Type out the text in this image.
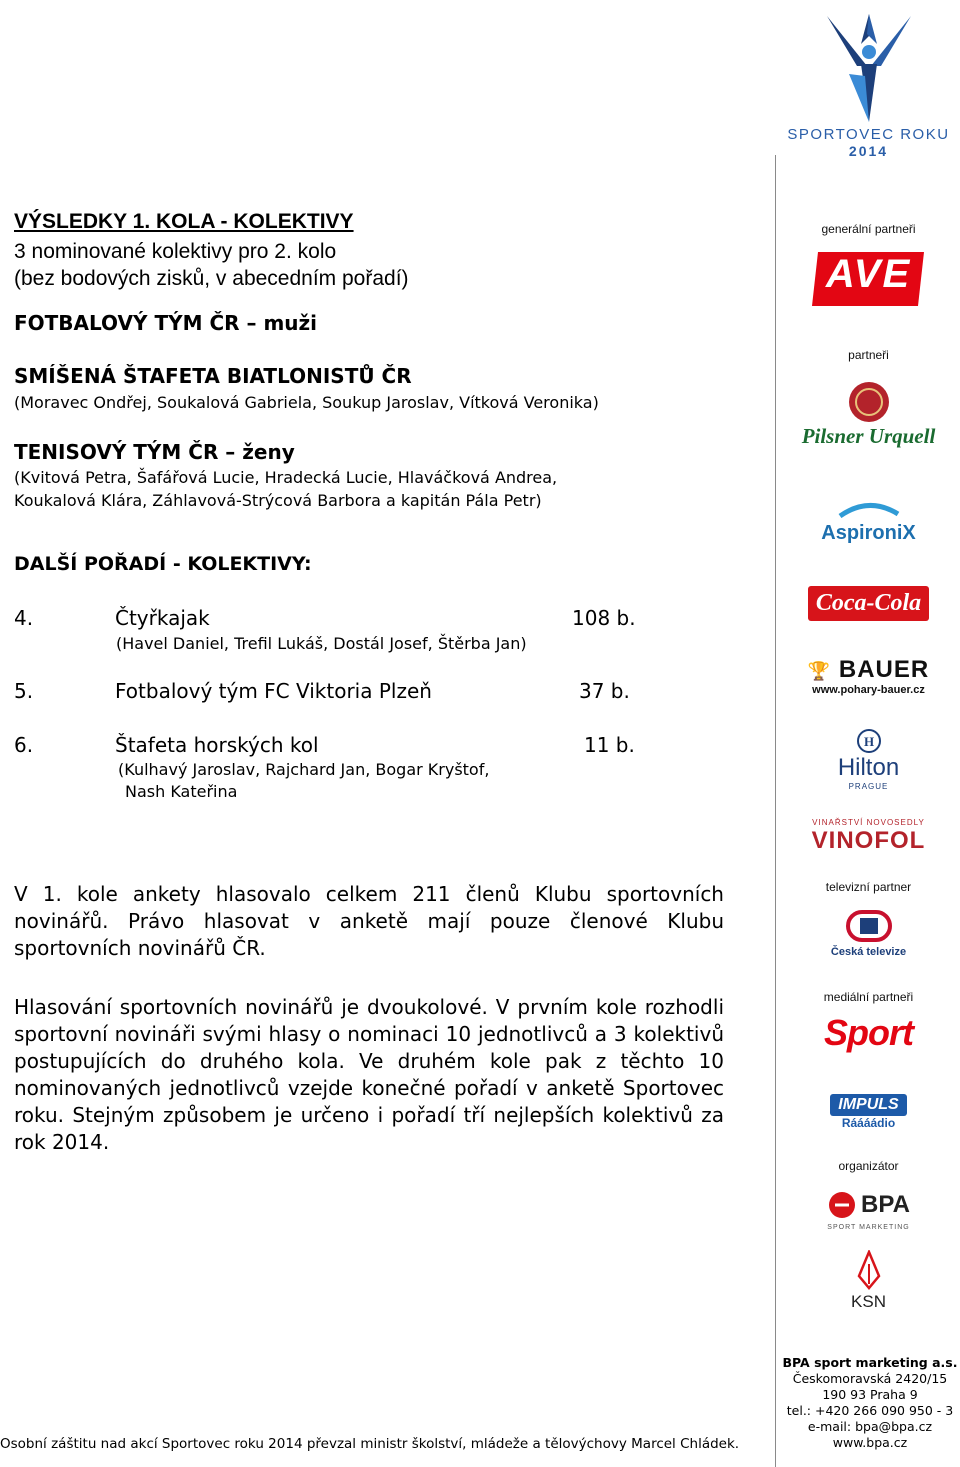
VÝSLEDKY 1. KOLA - KOLEKTIVY
3 nominované kolektivy pro 2. kolo
(bez bodových zisků, v abecedním pořadí)
FOTBALOVÝ TÝM ČR – muži
SMÍŠENÁ ŠTAFETA BIATLONISTŮ ČR
(Moravec Ondřej, Soukalová Gabriela, Soukup Jaroslav, Vítková Veronika)
TENISOVÝ TÝM ČR – ženy
(Kvitová Petra, Šafářová Lucie, Hradecká Lucie, Hlaváčková Andrea,
Koukalová Klára, Záhlavová-Strýcová Barbora a kapitán Pála Petr)
DALŠÍ POŘADÍ - KOLEKTIVY:
4.	Čtyřkajak	108 b.
(Havel Daniel, Trefil Lukáš, Dostál Josef, Štěrba Jan)
5.	Fotbalový tým FC Viktoria Plzeň	37 b.
6.	Štafeta horských kol	11 b.
(Kulhavý Jaroslav, Rajchard Jan, Bogar Kryštof,
Nash Kateřina
V 1. kole ankety hlasovalo celkem 211 členů Klubu sportovních novinářů. Právo hlasovat v anketě mají pouze členové Klubu sportovních novinářů ČR.
Hlasování sportovních novinářů je dvoukolové. V prvním kole rozhodli sportovní novináři svými hlasy o nominaci 10 jednotlivců a 3 kolektivů postupujících do druhého kola. Ve druhém kole pak z těchto 10 nominovaných jednotlivců vzejde konečné pořadí v anketě Sportovec roku. Stejným způsobem je určeno i pořadí tří nejlepších kolektivů za rok 2014.
Osobní záštitu nad akcí Sportovec roku 2014 převzal ministr školství, mládeže a tělovýchovy Marcel Chládek.
SPORTOVEC ROKU
2014
generální partneři
AVE
partneři
Pilsner Urquell
AspironiX
Coca-Cola
🏆 BAUER
www.pohary-bauer.cz
H
Hilton
PRAGUE
VINAŘSTVÍ NOVOSEDLY
VINOFOL
televizní partner
Česká televize
mediální partneři
Sport
IMPULS
Ráááádio
organizátor
BPA
SPORT MARKETING
KSN
BPA sport marketing a.s.
Českomoravská 2420/15
190 93 Praha 9
tel.: +420 266 090 950 - 3
e-mail: bpa@bpa.cz
www.bpa.cz
